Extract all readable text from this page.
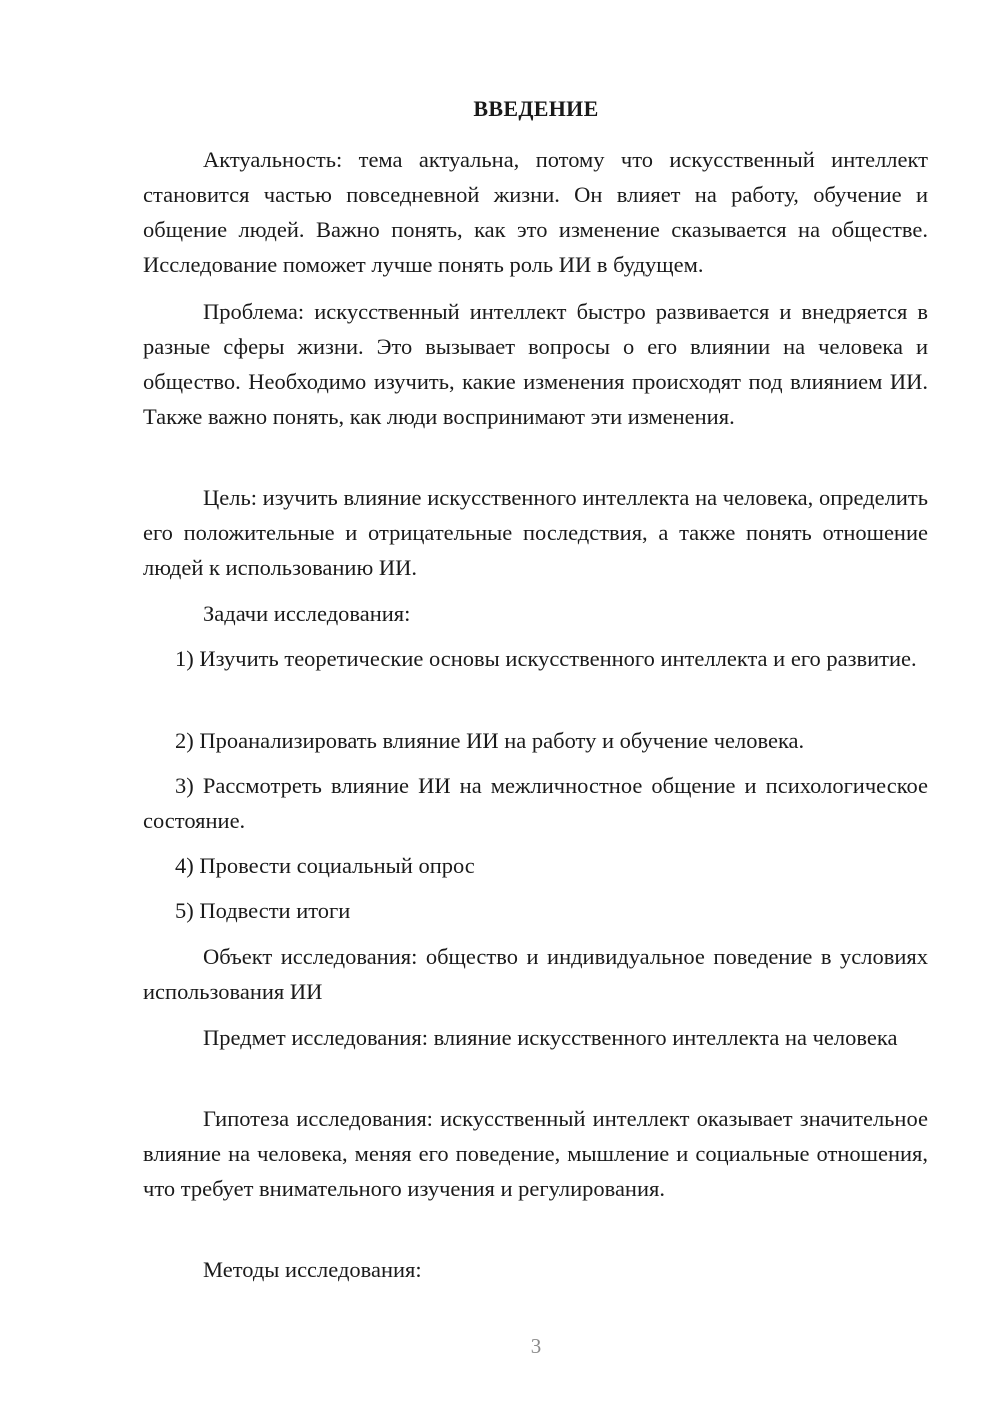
ВВЕДЕНИЕ

Актуальность: тема актуальна, потому что искусственный интеллект становится частью повседневной жизни. Он влияет на работу, обучение и общение людей. Важно понять, как это изменение сказывается на обществе. Исследование поможет лучше понять роль ИИ в будущем.

Проблема: искусственный интеллект быстро развивается и внедряется в разные сферы жизни. Это вызывает вопросы о его влиянии на человека и общество. Необходимо изучить, какие изменения происходят под влиянием ИИ. Также важно понять, как люди воспринимают эти изменения.

Цель: изучить влияние искусственного интеллекта на человека, определить его положительные и отрицательные последствия, а также понять отношение людей к использованию ИИ.

Задачи исследования:

1) Изучить теоретические основы искусственного интеллекта и его развитие.

2) Проанализировать влияние ИИ на работу и обучение человека.

3) Рассмотреть влияние ИИ на межличностное общение и психологическое состояние.

4) Провести социальный опрос

5) Подвести итоги

Объект исследования: общество и индивидуальное поведение в условиях использования ИИ

Предмет исследования: влияние искусственного интеллекта на человека

Гипотеза исследования: искусственный интеллект оказывает значительное влияние на человека, меняя его поведение, мышление и социальные отношения, что требует внимательного изучения и регулирования.

Методы исследования:

3
